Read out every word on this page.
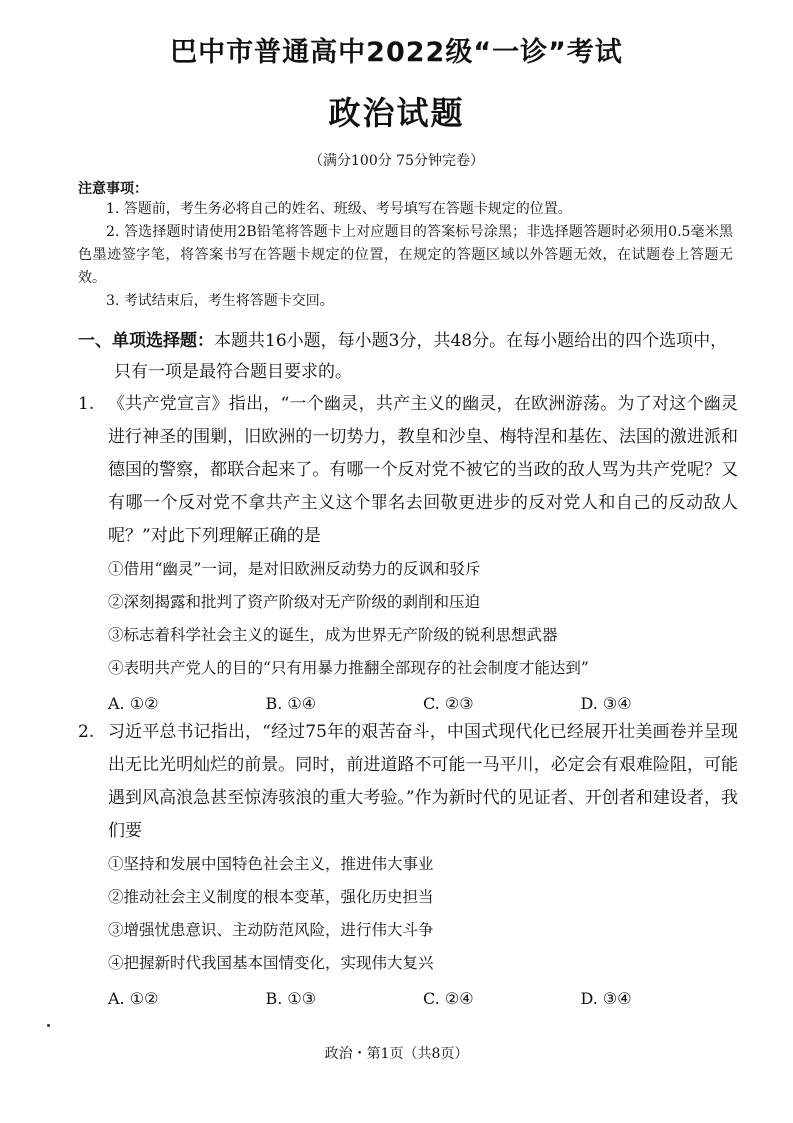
巴中市普通高中2022级“一诊”考试
政治试题
（满分100分 75分钟完卷）
注意事项：
1. 答题前，考生务必将自己的姓名、班级、考号填写在答题卡规定的位置。
2. 答选择题时请使用2B铅笔将答题卡上对应题目的答案标号涂黑；非选择题答题时必须用0.5毫米黑色墨迹签字笔，将答案书写在答题卡规定的位置，在规定的答题区域以外答题无效，在试题卷上答题无效。
3. 考试结束后，考生将答题卡交回。
一、单项选择题：本题共16小题，每小题3分，共48分。在每小题给出的四个选项中，
只有一项是最符合题目要求的。
1. 《共产党宣言》指出，“一个幽灵，共产主义的幽灵，在欧洲游荡。为了对这个幽灵进行神圣的围剿，旧欧洲的一切势力，教皇和沙皇、梅特涅和基佐、法国的激进派和德国的警察，都联合起来了。有哪一个反对党不被它的当政的敌人骂为共产党呢？又有哪一个反对党不拿共产主义这个罪名去回敬更进步的反对党人和自己的反动敌人呢？”对此下列理解正确的是
①借用“幽灵”一词，是对旧欧洲反动势力的反讽和驳斥
②深刻揭露和批判了资产阶级对无产阶级的剥削和压迫
③标志着科学社会主义的诞生，成为世界无产阶级的锐利思想武器
④表明共产党人的目的“只有用暴力推翻全部现存的社会制度才能达到”
A. ①②	B. ①④	C. ②③	D. ③④
2. 习近平总书记指出，“经过75年的艰苦奋斗，中国式现代化已经展开壮美画卷并呈现出无比光明灿烂的前景。同时，前进道路不可能一马平川，必定会有艰难险阻，可能遇到风高浪急甚至惊涛骇浪的重大考验。”作为新时代的见证者、开创者和建设者，我们要
①坚持和发展中国特色社会主义，推进伟大事业
②推动社会主义制度的根本变革，强化历史担当
③增强忧患意识、主动防范风险，进行伟大斗争
④把握新时代我国基本国情变化，实现伟大复兴
A. ①②	B. ①③	C. ②④	D. ③④
政治・第1页（共8页）
